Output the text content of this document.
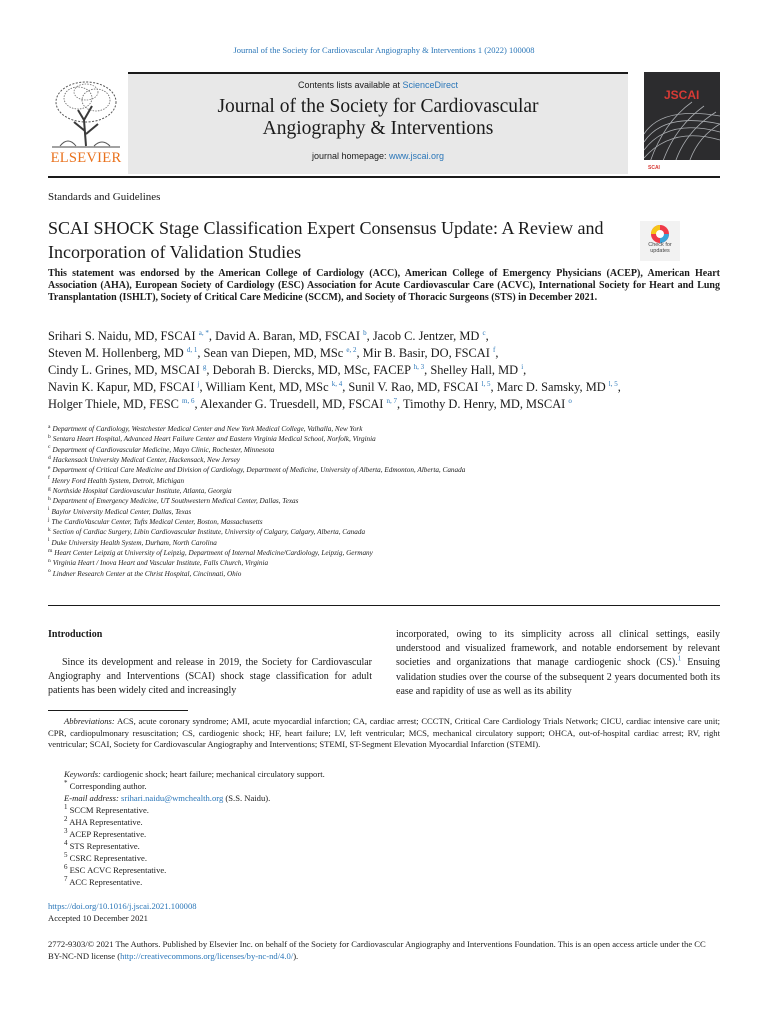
Journal of the Society for Cardiovascular Angiography & Interventions 1 (2022) 100008
Contents lists available at ScienceDirect
Journal of the Society for Cardiovascular
Angiography & Interventions
journal homepage: www.jscai.org
ELSEVIER
SCAI
JSCAI
Standards and Guidelines
SCAI SHOCK Stage Classification Expert Consensus Update: A Review and
Incorporation of Validation Studies	Check for updates
This statement was endorsed by the American College of Cardiology (ACC), American College of Emergency Physicians (ACEP), American Heart Association (AHA), European Society of Cardiology (ESC) Association for Acute Cardiovascular Care (ACVC), International Society for Heart and Lung Transplantation (ISHLT), Society of Critical Care Medicine (SCCM), and Society of Thoracic Surgeons (STS) in December 2021.
Srihari S. Naidu, MD, FSCAI $^{a, *}$, David A. Baran, MD, FSCAI $^b$, Jacob C. Jentzer, MD $^c$,
Steven M. Hollenberg, MD $^{d, 1}$, Sean van Diepen, MD, MSc $^{e, 2}$, Mir B. Basir, DO, FSCAI $^f$,
Cindy L. Grines, MD, MSCAI $^g$, Deborah B. Diercks, MD, MSc, FACEP $^{h, 3}$, Shelley Hall, MD $^i$,
Navin K. Kapur, MD, FSCAI $^j$, William Kent, MD, MSc $^{k, 4}$, Sunil V. Rao, MD, FSCAI $^{l, 5}$, Marc D. Samsky, MD $^{l, 5}$,
Holger Thiele, MD, FESC $^{m, 6}$, Alexander G. Truesdell, MD, FSCAI $^{n, 7}$, Timothy D. Henry, MD, MSCAI $^o$
$^a$ Department of Cardiology, Westchester Medical Center and New York Medical College, Valhalla, New York
$^b$ Sentara Heart Hospital, Advanced Heart Failure Center and Eastern Virginia Medical School, Norfolk, Virginia
$^c$ Department of Cardiovascular Medicine, Mayo Clinic, Rochester, Minnesota
$^d$ Hackensack University Medical Center, Hackensack, New Jersey
$^e$ Department of Critical Care Medicine and Division of Cardiology, Department of Medicine, University of Alberta, Edmonton, Alberta, Canada
$^f$ Henry Ford Health System, Detroit, Michigan
$^g$ Northside Hospital Cardiovascular Institute, Atlanta, Georgia
$^h$ Department of Emergency Medicine, UT Southwestern Medical Center, Dallas, Texas
$^i$ Baylor University Medical Center, Dallas, Texas
$^j$ The CardioVascular Center, Tufts Medical Center, Boston, Massachusetts
$^k$ Section of Cardiac Surgery, Libin Cardiovascular Institute, University of Calgary, Calgary, Alberta, Canada
$^l$ Duke University Health System, Durham, North Carolina
$^m$ Heart Center Leipzig at University of Leipzig, Department of Internal Medicine/Cardiology, Leipzig, Germany
$^n$ Virginia Heart / Inova Heart and Vascular Institute, Falls Church, Virginia
$^o$ Lindner Research Center at the Christ Hospital, Cincinnati, Ohio
Introduction
Since its development and release in 2019, the Society for Cardiovascular Angiography and Interventions (SCAI) shock stage classification for adult patients has been widely cited and increasingly
incorporated, owing to its simplicity across all clinical settings, easily understood and visualized framework, and notable endorsement by relevant societies and organizations that manage cardiogenic shock (CS).$^1$ Ensuing validation studies over the course of the subsequent 2 years documented both its ease and rapidity of use as well as its ability
Abbreviations: ACS, acute coronary syndrome; AMI, acute myocardial infarction; CA, cardiac arrest; CCCTN, Critical Care Cardiology Trials Network; CICU, cardiac intensive care unit; CPR, cardiopulmonary resuscitation; CS, cardiogenic shock; HF, heart failure; LV, left ventricular; MCS, mechanical circulatory support; OHCA, out-of-hospital cardiac arrest; RV, right ventricular; SCAI, Society for Cardiovascular Angiography and Interventions; STEMI, ST-Segment Elevation Myocardial Infarction (STEMI).
Keywords: cardiogenic shock; heart failure; mechanical circulatory support.
* Corresponding author.
E-mail address: srihari.naidu@wmchealth.org (S.S. Naidu).
$^1$ SCCM Representative.
$^2$ AHA Representative.
$^3$ ACEP Representative.
$^4$ STS Representative.
$^5$ CSRC Representative.
$^6$ ESC ACVC Representative.
$^7$ ACC Representative.
https://doi.org/10.1016/j.jscai.2021.100008
Accepted 10 December 2021
2772-9303/© 2021 The Authors. Published by Elsevier Inc. on behalf of the Society for Cardiovascular Angiography and Interventions Foundation. This is an open access article under the CC BY-NC-ND license (http://creativecommons.org/licenses/by-nc-nd/4.0/).
